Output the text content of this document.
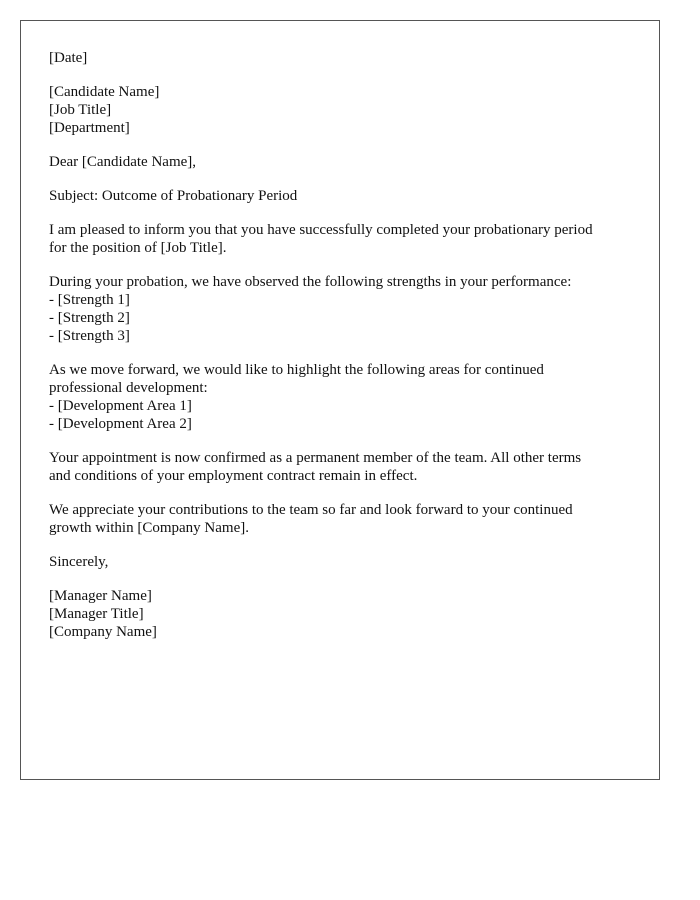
[Date]
[Candidate Name]
[Job Title]
[Department]
Dear [Candidate Name],
Subject: Outcome of Probationary Period
I am pleased to inform you that you have successfully completed your probationary period
for the position of [Job Title].
During your probation, we have observed the following strengths in your performance:
- [Strength 1]
- [Strength 2]
- [Strength 3]
As we move forward, we would like to highlight the following areas for continued
professional development:
- [Development Area 1]
- [Development Area 2]
Your appointment is now confirmed as a permanent member of the team. All other terms
and conditions of your employment contract remain in effect.
We appreciate your contributions to the team so far and look forward to your continued
growth within [Company Name].
Sincerely,
[Manager Name]
[Manager Title]
[Company Name]
